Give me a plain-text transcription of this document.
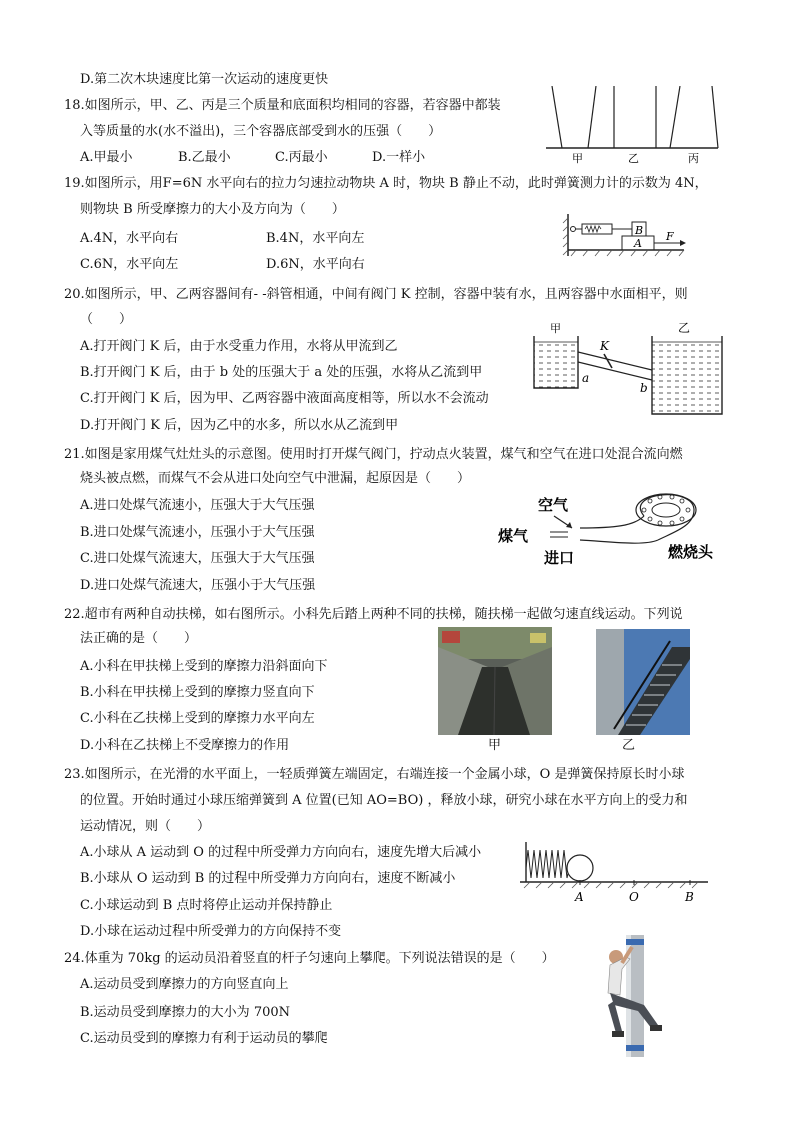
D.第二次木块速度比第一次运动的速度更快
18.如图所示，甲、乙、丙是三个质量和底面积均相同的容器，若容器中都装
入等质量的水(水不溢出)，三个容器底部受到水的压强（　　）
A.甲最小	B.乙最小	C.丙最小	D.一样小	甲	乙	丙
19.如图所示，用F=6N 水平向右的拉力匀速拉动物块 A 时，物块 B 静止不动，此时弹簧测力计的示数为 4N，
则物块 B 所受摩擦力的大小及方向为（　　）
A.4N，水平向右	B.4N，水平向左
C.6N，水平向左	D.6N，水平向右
B
A
F
20.如图所示，甲、乙两容器间有- -斜管相通，中间有阀门 K 控制，容器中装有水，且两容器中水面相平，则
（　　）
A.打开阀门 K 后，由于水受重力作用，水将从甲流到乙
B.打开阀门 K 后，由于 b 处的压强大于 a 处的压强，水将从乙流到甲
C.打开阀门 K 后，因为甲、乙两容器中液面高度相等，所以水不会流动
D.打开阀门 K 后，因为乙中的水多，所以水从乙流到甲
甲	乙
K
a
b
21.如图是家用煤气灶灶头的示意图。使用时打开煤气阀门，拧动点火装置，煤气和空气在进口处混合流向燃
烧头被点燃，而煤气不会从进口处向空气中泄漏，起原因是（　　）
A.进口处煤气流速小，压强大于大气压强
B.进口处煤气流速小，压强小于大气压强
C.进口处煤气流速大，压强大于大气压强
D.进口处煤气流速大，压强小于大气压强
空气
煤气
进口	燃烧头
22.超市有两种自动扶梯，如右图所示。小科先后踏上两种不同的扶梯，随扶梯一起做匀速直线运动。下列说
法正确的是（　　）
A.小科在甲扶梯上受到的摩擦力沿斜面向下
B.小科在甲扶梯上受到的摩擦力竖直向下
C.小科在乙扶梯上受到的摩擦力水平向左
D.小科在乙扶梯上不受摩擦力的作用	甲	乙
23.如图所示，在光滑的水平面上，一轻质弹簧左端固定，右端连接一个金属小球，O 是弹簧保持原长时小球
的位置。开始时通过小球压缩弹簧到 A 位置(已知 AO=BO) ，释放小球，研究小球在水平方向上的受力和
运动情况，则（　　）
A.小球从 A 运动到 O 的过程中所受弹力方向向右，速度先增大后减小
B.小球从 O 运动到 B 的过程中所受弹力方向向右，速度不断减小
C.小球运动到 B 点时将停止运动并保持静止
D.小球在运动过程中所受弹力的方向保持不变
A	O	B
24.体重为 70kg 的运动员沿着竖直的杆子匀速向上攀爬。下列说法错误的是（　　）
A.运动员受到摩擦力的方向竖直向上
B.运动员受到摩擦力的大小为 700N
C.运动员受到的摩擦力有利于运动员的攀爬
